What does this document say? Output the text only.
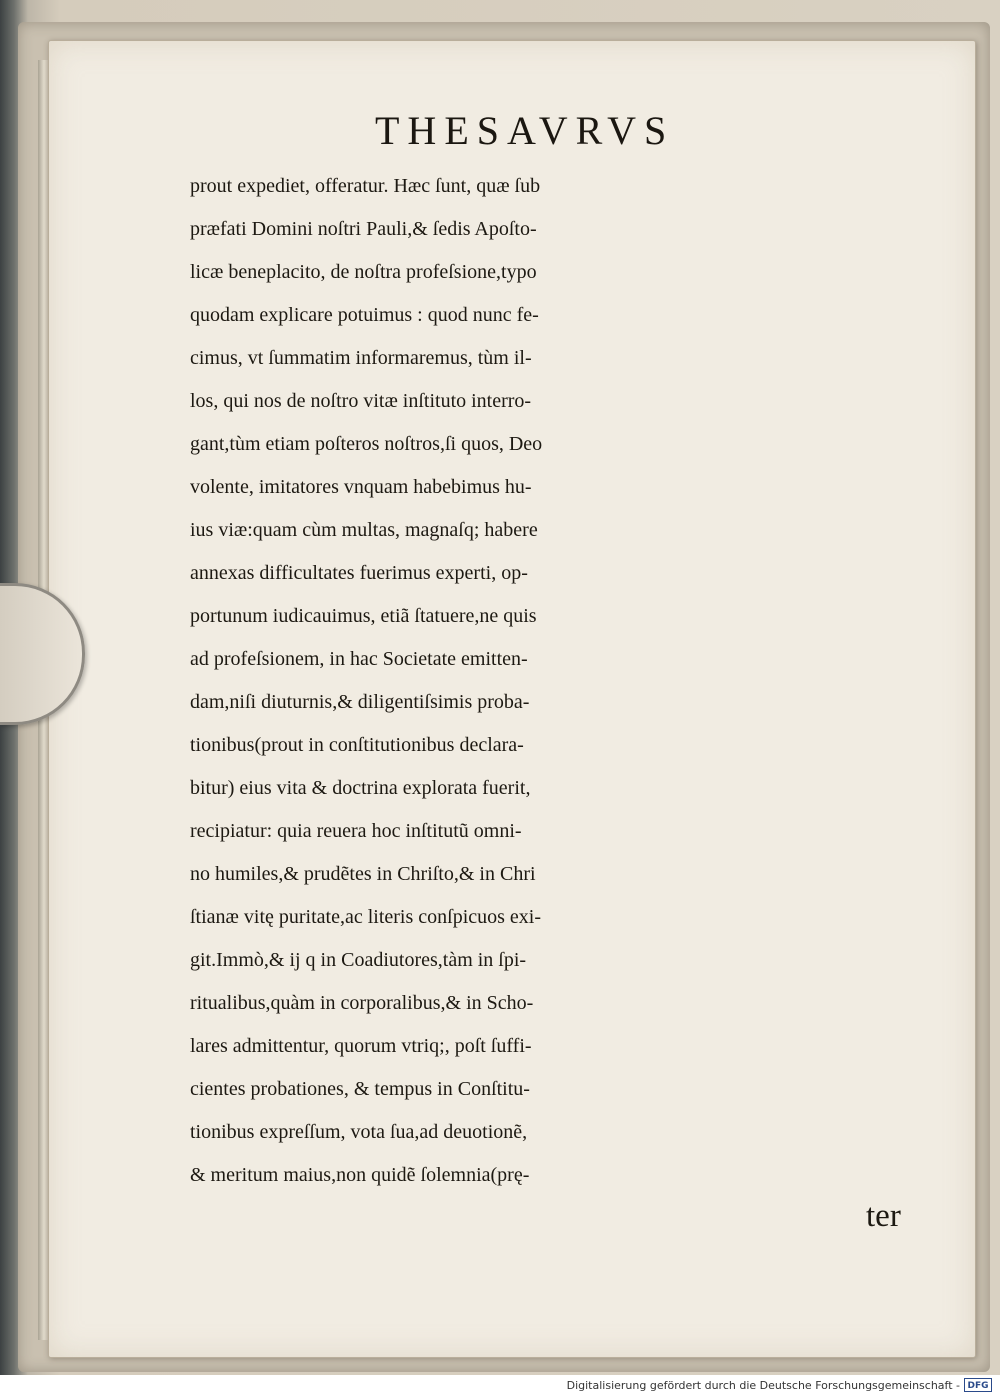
THESAVRVS
prout expediet, offeratur. Hæc ſunt, quæ ſub
præfati Domini noſtri Pauli,& ſedis Apoſto-
licæ beneplacito, de noſtra profeſsione,typo
quodam explicare potuimus : quod nunc fe-
cimus, vt ſummatim informaremus, tùm il-
los, qui nos de noſtro vitæ inſtituto interro-
gant,tùm etiam poſteros noſtros,ſi quos, Deo
volente, imitatores vnquam habebimus hu-
ius viæ:quam cùm multas, magnaſq; habere
annexas difficultates fuerimus experti, op-
portunum iudicauimus, etiã ſtatuere,ne quis
ad profeſsionem, in hac Societate emitten-
dam,niſi diuturnis,& diligentiſsimis proba-
tionibus(prout in conſtitutionibus declara-
bitur) eius vita & doctrina explorata fuerit,
recipiatur: quia reuera hoc inſtitutũ omni-
no humiles,& prudẽtes in Chriſto,& in Chri
ſtianæ vitę puritate,ac literis conſpicuos exi-
git.Immò,& ij q in Coadiutores,tàm in ſpi-
ritualibus,quàm in corporalibus,& in Scho-
lares admittentur, quorum vtriq;, poſt ſuffi-
cientes probationes, & tempus in Conſtitu-
tionibus expreſſum, vota ſua,ad deuotionẽ,
& meritum maius,non quidẽ ſolemnia(prę-
ter
Digitalisierung gefördert durch die Deutsche Forschungsgemeinschaft - DFG
